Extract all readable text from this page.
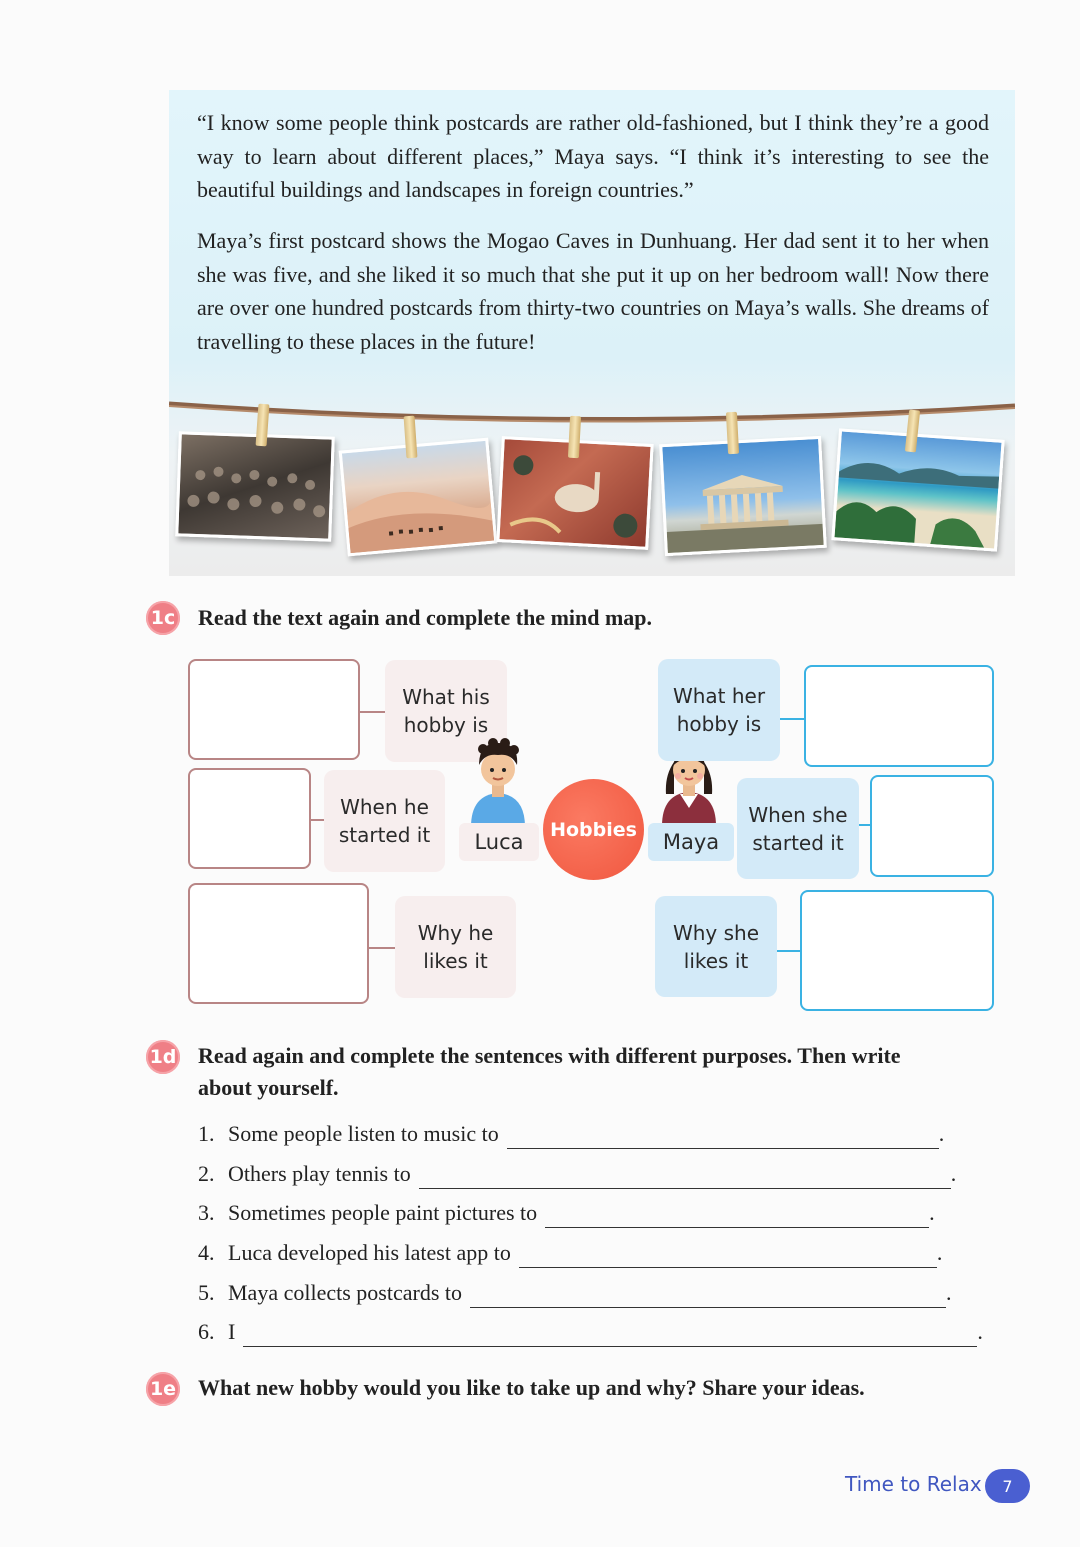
“I know some people think postcards are rather old-fashioned, but I think they’re a good way to learn about different places,” Maya says. “I think it’s interesting to see the beautiful buildings and landscapes in foreign countries.”

Maya’s first postcard shows the Mogao Caves in Dunhuang. Her dad sent it to her when she was five, and she liked it so much that she put it up on her bedroom wall! Now there are over one hundred postcards from thirty-two countries on Maya’s walls. She dreams of travelling to these places in the future!

1c Read the text again and complete the mind map.
What his hobby is
When he started it
Why he likes it
Luca
Hobbies
Maya
What her hobby is
When she started it
Why she likes it
1d Read again and complete the sentences with different purposes. Then write
about yourself.
1. Some people listen to music to	.
2. Others play tennis to	.
3. Sometimes people paint pictures to	.
4. Luca developed his latest app to	.
5. Maya collects postcards to	.
6. I	.
1e What new hobby would you like to take up and why? Share your ideas.
Time to Relax	7
